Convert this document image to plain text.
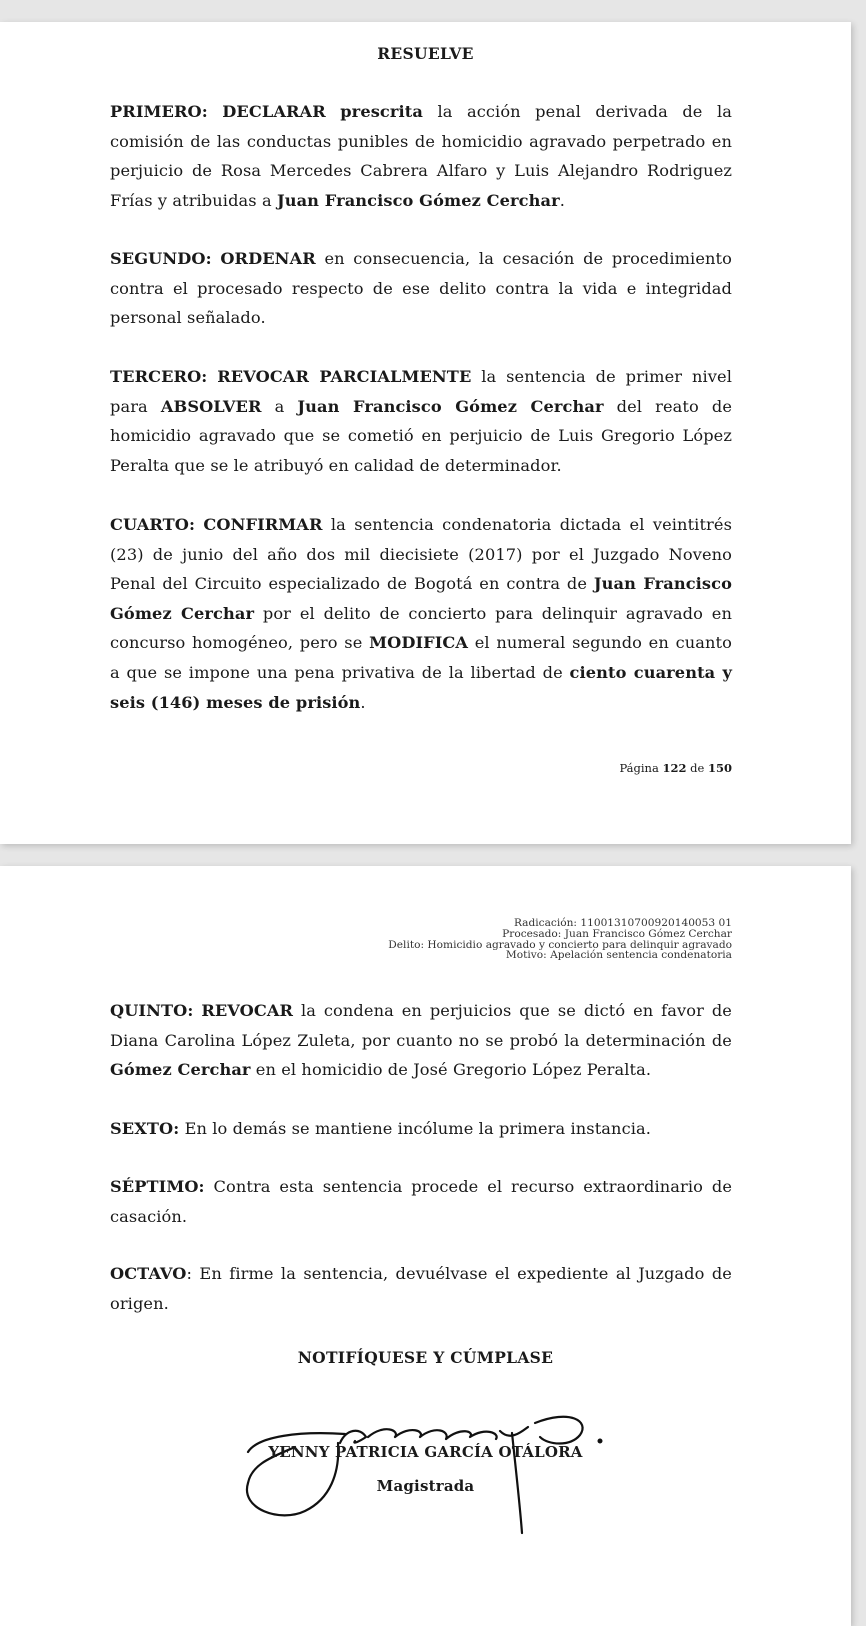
RESUELVE
PRIMERO: DECLARAR prescrita la acción penal derivada de la comisión de las conductas punibles de homicidio agravado perpetrado en perjuicio de Rosa Mercedes Cabrera Alfaro y Luis Alejandro Rodriguez Frías y atribuidas a Juan Francisco Gómez Cerchar.
SEGUNDO: ORDENAR en consecuencia, la cesación de procedimiento contra el procesado respecto de ese delito contra la vida e integridad personal señalado.
TERCERO: REVOCAR PARCIALMENTE la sentencia de primer nivel para ABSOLVER a Juan Francisco Gómez Cerchar del reato de homicidio agravado que se cometió en perjuicio de Luis Gregorio López Peralta que se le atribuyó en calidad de determinador.
CUARTO: CONFIRMAR la sentencia condenatoria dictada el veintitrés (23) de junio del año dos mil diecisiete (2017) por el Juzgado Noveno Penal del Circuito especializado de Bogotá en contra de Juan Francisco Gómez Cerchar por el delito de concierto para delinquir agravado en concurso homogéneo, pero se MODIFICA el numeral segundo en cuanto a que se impone una pena privativa de la libertad de ciento cuarenta y seis (146) meses de prisión.
Página 122 de 150
Radicación: 11001310700920140053 01
Procesado: Juan Francisco Gómez Cerchar
Delito: Homicidio agravado y concierto para delinquir agravado
Motivo: Apelación sentencia condenatoria
QUINTO: REVOCAR la condena en perjuicios que se dictó en favor de Diana Carolina López Zuleta, por cuanto no se probó la determinación de Gómez Cerchar en el homicidio de José Gregorio López Peralta.
SEXTO: En lo demás se mantiene incólume la primera instancia.
SÉPTIMO: Contra esta sentencia procede el recurso extraordinario de casación.
OCTAVO: En firme la sentencia, devuélvase el expediente al Juzgado de origen.
NOTIFÍQUESE Y CÚMPLASE
YENNY PATRICIA GARCÍA OTÁLORA
Magistrada
